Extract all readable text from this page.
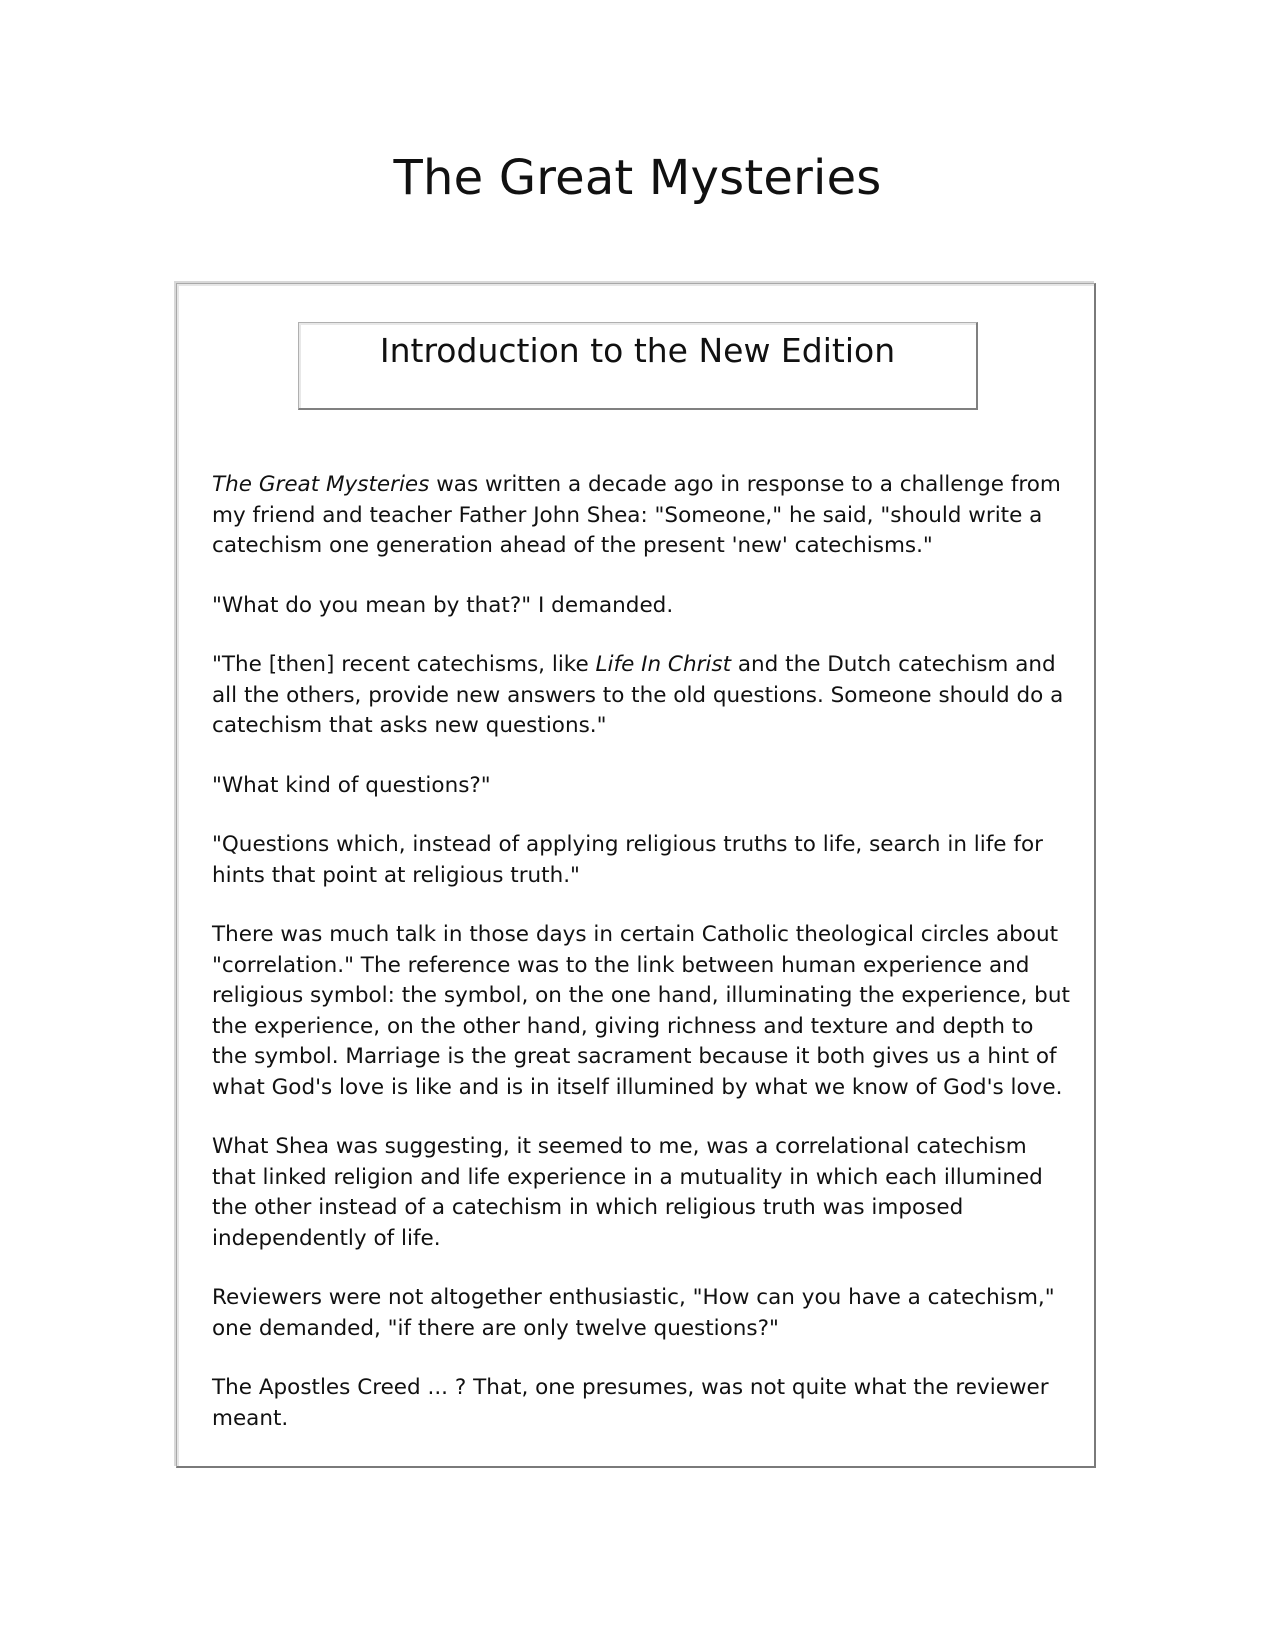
The Great Mysteries
Introduction to the New Edition

The Great Mysteries was written a decade ago in response to a challenge from my friend and teacher Father John Shea: "Someone," he said, "should write a catechism one generation ahead of the present 'new' catechisms."

"What do you mean by that?" I demanded.

"The [then] recent catechisms, like Life In Christ and the Dutch catechism and all the others, provide new answers to the old questions. Someone should do a catechism that asks new questions."

"What kind of questions?"

"Questions which, instead of applying religious truths to life, search in life for hints that point at religious truth."

There was much talk in those days in certain Catholic theological circles about "correlation." The reference was to the link between human experience and religious symbol: the symbol, on the one hand, illuminating the experience, but the experience, on the other hand, giving richness and texture and depth to the symbol. Marriage is the great sacrament because it both gives us a hint of what God's love is like and is in itself illumined by what we know of God's love.

What Shea was suggesting, it seemed to me, was a correlational catechism that linked religion and life experience in a mutuality in which each illumined the other instead of a catechism in which religious truth was imposed independently of life.

Reviewers were not altogether enthusiastic, "How can you have a catechism," one demanded, "if there are only twelve questions?"

The Apostles Creed ... ? That, one presumes, was not quite what the reviewer meant.
